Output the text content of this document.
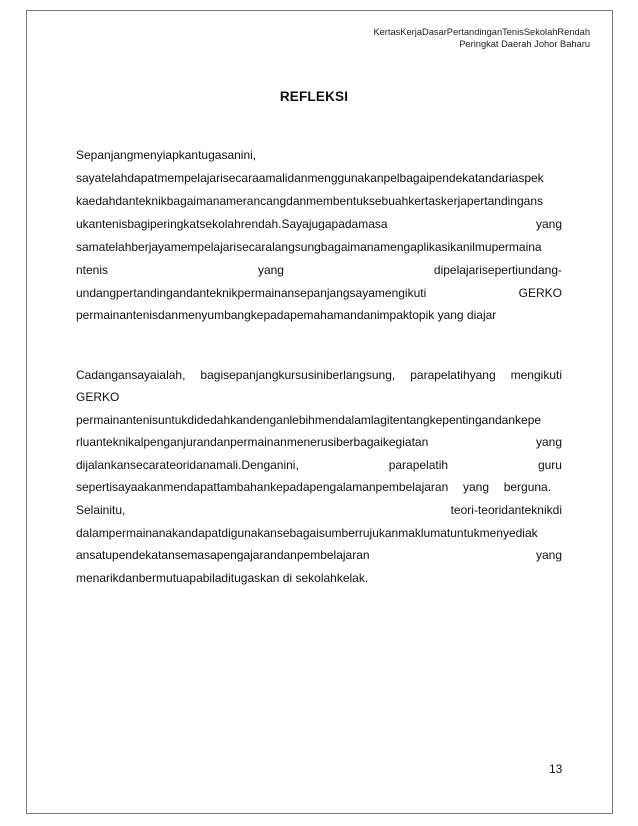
KertasKerjaDasarPertandinganTenisSekolahRendah
Peringkat Daerah Johor Baharu
REFLEKSI
Sepanjangmenyiapkantugasanini,
sayatelahdapatmempelajarisecaraamalidanmenggunakanpelbagaipendekatandariaspek
kaedahdanteknikbagaimanamerancangdanmembentuksebuahkertaskerjapertandingans
ukantenisbagiperingkatsekolahrendah.Sayajugapadamasa	yang
samatelahberjayamempelajarisecaralangsungbagaimanamengaplikasikanilmupermaina
ntenis	yang	dipelajarisepertiundang-
undangpertandingandanteknikpermainansepanjangsayamengikuti	GERKO
permainantenisdanmenyumbangkepadapemahamandanimpaktopik yang diajar
Cadangansayaialah, bagisepanjangkursusiniberlangsung, parapelatihyang mengikuti
GERKO
permainantenisuntukdidedahkandenganlebihmendalamlagitentangkepentingandankepe
rluanteknikalpenganjurandanpermainanmenerusiberbagaikegiatan	yang
dijalankansecarateoridanamali.Denganini,	parapelatih	guru
sepertisayaakanmendapattambahankepadapengalamanpembelajaran yang berguna.
Selainitu,	teori-teoridanteknikdi
dalampermainanakandapatdigunakansebagaisumberrujukanmaklumatuntukmenyediak
ansatupendekatansemasapengajarandanpembelajaran	yang
menarikdanbermutuapabiladitugaskan di sekolahkelak.
13
